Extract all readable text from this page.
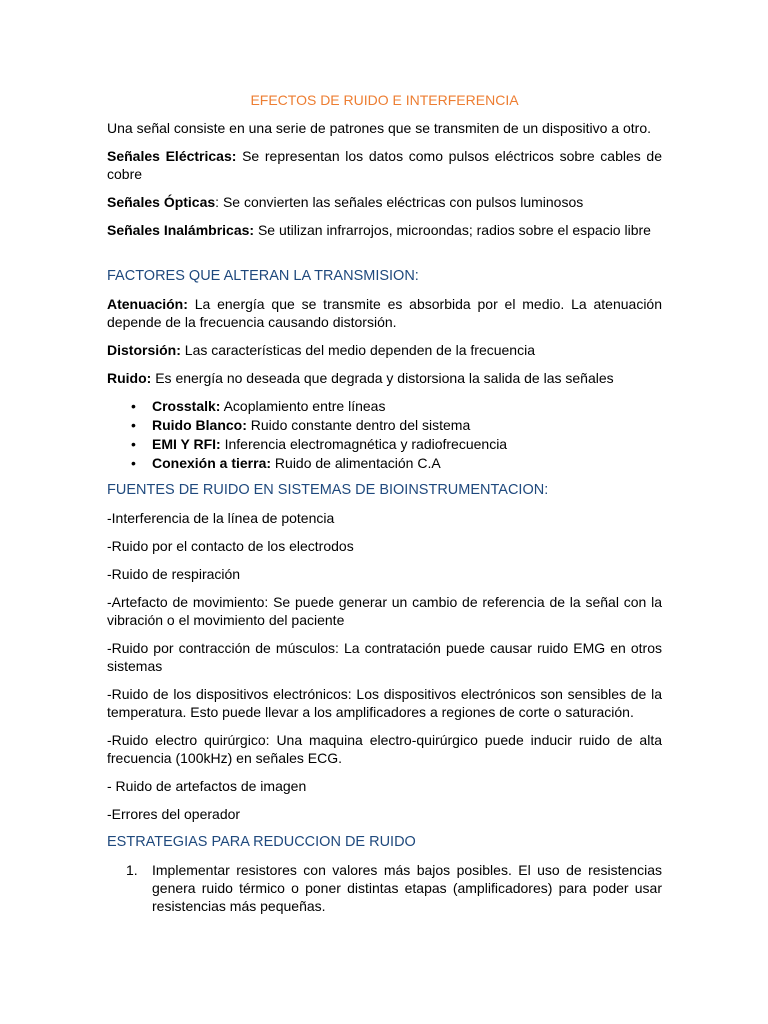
EFECTOS DE RUIDO E INTERFERENCIA

Una señal consiste en una serie de patrones que se transmiten de un dispositivo a otro.

Señales Eléctricas: Se representan los datos como pulsos eléctricos sobre cables de cobre

Señales Ópticas: Se convierten las señales eléctricas con pulsos luminosos

Señales Inalámbricas: Se utilizan infrarrojos, microondas; radios sobre el espacio libre

FACTORES QUE ALTERAN LA TRANSMISION:

Atenuación: La energía que se transmite es absorbida por el medio. La atenuación depende de la frecuencia causando distorsión.

Distorsión: Las características del medio dependen de la frecuencia

Ruido: Es energía no deseada que degrada y distorsiona la salida de las señales

• Crosstalk: Acoplamiento entre líneas
• Ruido Blanco: Ruido constante dentro del sistema
• EMI Y RFI: Inferencia electromagnética y radiofrecuencia
• Conexión a tierra: Ruido de alimentación C.A
FUENTES DE RUIDO EN SISTEMAS DE BIOINSTRUMENTACION:

-Interferencia de la línea de potencia

-Ruido por el contacto de los electrodos

-Ruido de respiración

-Artefacto de movimiento: Se puede generar un cambio de referencia de la señal con la vibración o el movimiento del paciente

-Ruido por contracción de músculos: La contratación puede causar ruido EMG en otros sistemas

-Ruido de los dispositivos electrónicos: Los dispositivos electrónicos son sensibles de la temperatura. Esto puede llevar a los amplificadores a regiones de corte o saturación.

-Ruido electro quirúrgico: Una maquina electro-quirúrgico puede inducir ruido de alta frecuencia (100kHz) en señales ECG.

- Ruido de artefactos de imagen

-Errores del operador

ESTRATEGIAS PARA REDUCCION DE RUIDO
1. Implementar resistores con valores más bajos posibles. El uso de resistencias genera ruido térmico o poner distintas etapas (amplificadores) para poder usar resistencias más pequeñas.
